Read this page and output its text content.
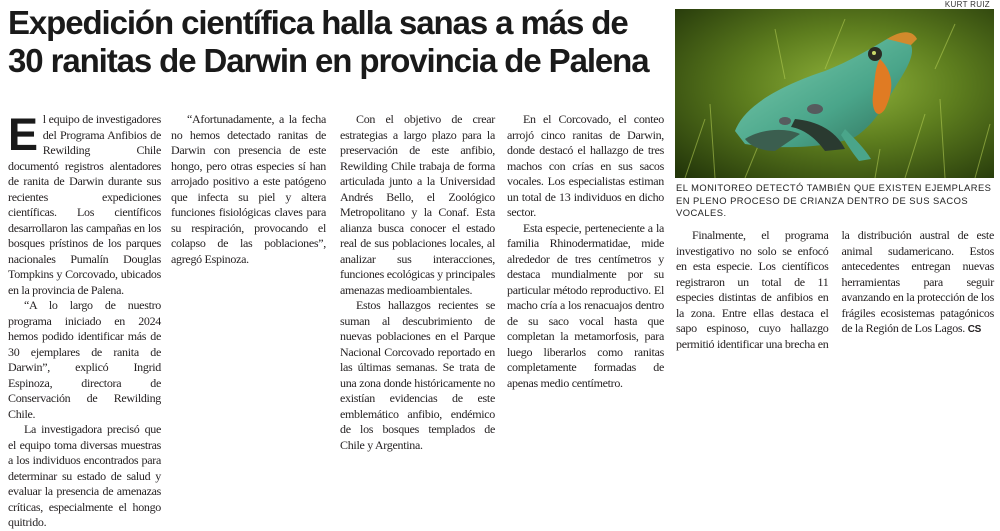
Expedición científica halla sanas a más de 30 ranitas de Darwin en provincia de Palena
KURT RUIZ

EL MONITOREO DETECTÓ TAMBIÉN QUE EXISTEN EJEMPLARES EN PLENO PROCESO DE CRIANZA DENTRO DE SUS SACOS VOCALES.

El equipo de investigadores del Programa Anfibios de Rewilding Chile documentó registros alentadores de ranita de Darwin durante sus recientes expediciones científicas. Los científicos desarrollaron las campañas en los bosques prístinos de los parques nacionales Pumalín Douglas Tompkins y Corcovado, ubicados en la provincia de Palena.

“A lo largo de nuestro programa iniciado en 2024 hemos podido identificar más de 30 ejemplares de ranita de Darwin”, explicó Ingrid Espinoza, directora de Conservación de Rewilding Chile.

La investigadora precisó que el equipo toma diversas muestras a los individuos encontrados para determinar su estado de salud y evaluar la presencia de amenazas críticas, especialmente el hongo quitrido.

“Afortunadamente, a la fecha no hemos detectado ranitas de Darwin con presencia de este hongo, pero otras especies sí han arrojado positivo a este patógeno que infecta su piel y altera funciones fisiológicas claves para su respiración, provocando el colapso de las poblaciones”, agregó Espinoza.

Con el objetivo de crear estrategias a largo plazo para la preservación de este anfibio, Rewilding Chile trabaja de forma articulada junto a la Universidad Andrés Bello, el Zoológico Metropolitano y la Conaf. Esta alianza busca conocer el estado real de sus poblaciones locales, al analizar sus interacciones, funciones ecológicas y principales amenazas medioambientales.

Estos hallazgos recientes se suman al descubrimiento de nuevas poblaciones en el Parque Nacional Corcovado reportado en las últimas semanas. Se trata de una zona donde históricamente no existían evidencias de este emblemático anfibio, endémico de los bosques templados de Chile y Argentina.

En el Corcovado, el conteo arrojó cinco ranitas de Darwin, donde destacó el hallazgo de tres machos con crías en sus sacos vocales. Los especialistas estiman un total de 13 individuos en dicho sector.

Esta especie, perteneciente a la familia Rhinodermatidae, mide alrededor de tres centímetros y destaca mundialmente por su particular método reproductivo. El macho cría a los renacuajos dentro de su saco vocal hasta que completan la metamorfosis, para luego liberarlos como ranitas completamente formadas de apenas medio centímetro.

Finalmente, el programa investigativo no solo se enfocó en esta especie. Los científicos registraron un total de 11 especies distintas de anfibios en la zona. Entre ellas destaca el sapo espinoso, cuyo hallazgo permitió identificar una brecha en la distribución austral de este animal sudamericano. Estos antecedentes entregan nuevas herramientas para seguir avanzando en la protección de los frágiles ecosistemas patagónicos de la Región de Los Lagos. CS
